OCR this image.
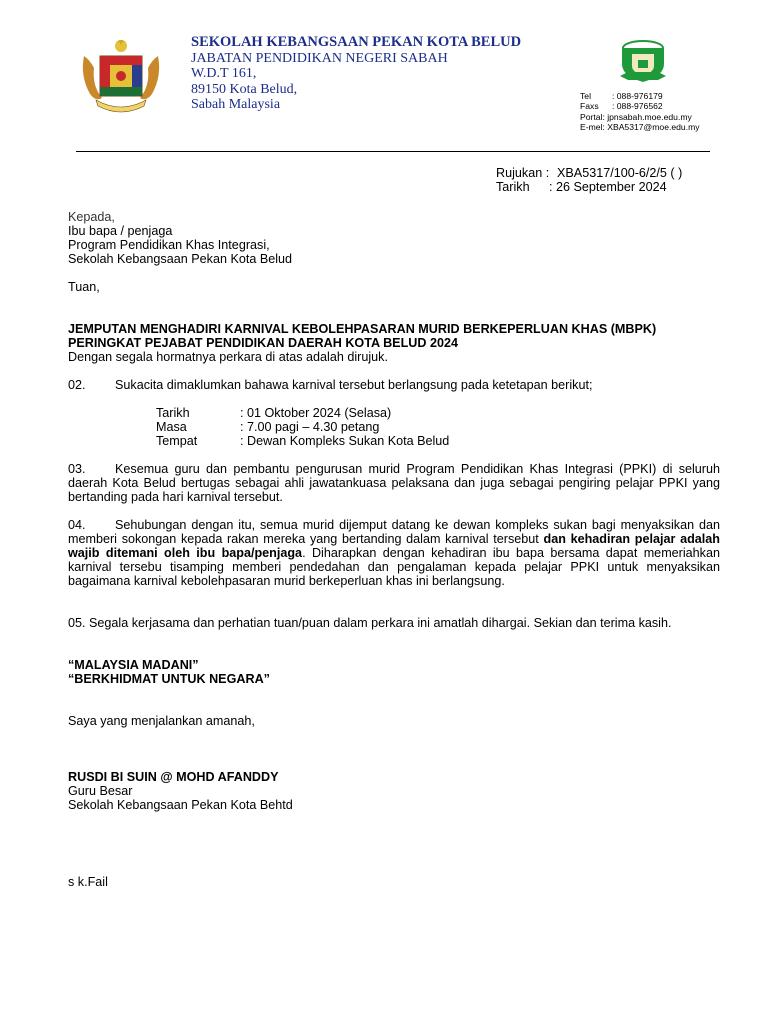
SEKOLAH KEBANGSAAN PEKAN KOTA BELUD
JABATAN PENDIDIKAN NEGERI SABAH
W.D.T 161,
89150 Kota Belud,
Sabah Malaysia
Tel	: 088-976179
Faxs	: 088-976562
Portal : jpnsabah.moe.edu.my
E-mel : XBA5317@moe.edu.my
Rujukan : XBA5317/100-6/2/5 ( )
Tarikh	: 26 September 2024
Kepada,
Ibu bapa / penjaga
Program Pendidikan Khas Integrasi,
Sekolah Kebangsaan Pekan Kota Belud
Tuan,
JEMPUTAN MENGHADIRI KARNIVAL KEBOLEHPASARAN MURID BERKEPERLUAN KHAS (MBPK)
PERINGKAT PEJABAT PENDIDIKAN DAERAH KOTA BELUD 2024
Dengan segala hormatnya perkara di atas adalah dirujuk.
02. Sukacita dimaklumkan bahawa karnival tersebut berlangsung pada ketetapan berikut;
Tarikh	: 01 Oktober 2024 (Selasa)
Masa	: 7.00 pagi – 4.30 petang
Tempat	: Dewan Kompleks Sukan Kota Belud
03. Kesemua guru dan pembantu pengurusan murid Program Pendidikan Khas Integrasi (PPKI) di seluruh daerah Kota Belud bertugas sebagai ahli jawatankuasa pelaksana dan juga sebagai pengiring pelajar PPKI yang bertanding pada hari karnival tersebut.
04. Sehubungan dengan itu, semua murid dijemput datang ke dewan kompleks sukan bagi menyaksikan dan memberi sokongan kepada rakan mereka yang bertanding dalam karnival tersebut dan kehadiran pelajar adalah wajib ditemani oleh ibu bapa/penjaga. Diharapkan dengan kehadiran ibu bapa bersama dapat memeriahkan karnival tersebu tisamping memberi pendedahan dan pengalaman kepada pelajar PPKI untuk menyaksikan bagaimana karnival kebolehpasaran murid berkeperluan khas ini berlangsung.
05. Segala kerjasama dan perhatian tuan/puan dalam perkara ini amatlah dihargai. Sekian dan terima kasih.
“MALAYSIA MADANI”
“BERKHIDMAT UNTUK NEGARA”
Saya yang menjalankan amanah,
RUSDI BI SUIN @ MOHD AFANDDY
Guru Besar
Sekolah Kebangsaan Pekan Kota Behtd
s k.Fail
